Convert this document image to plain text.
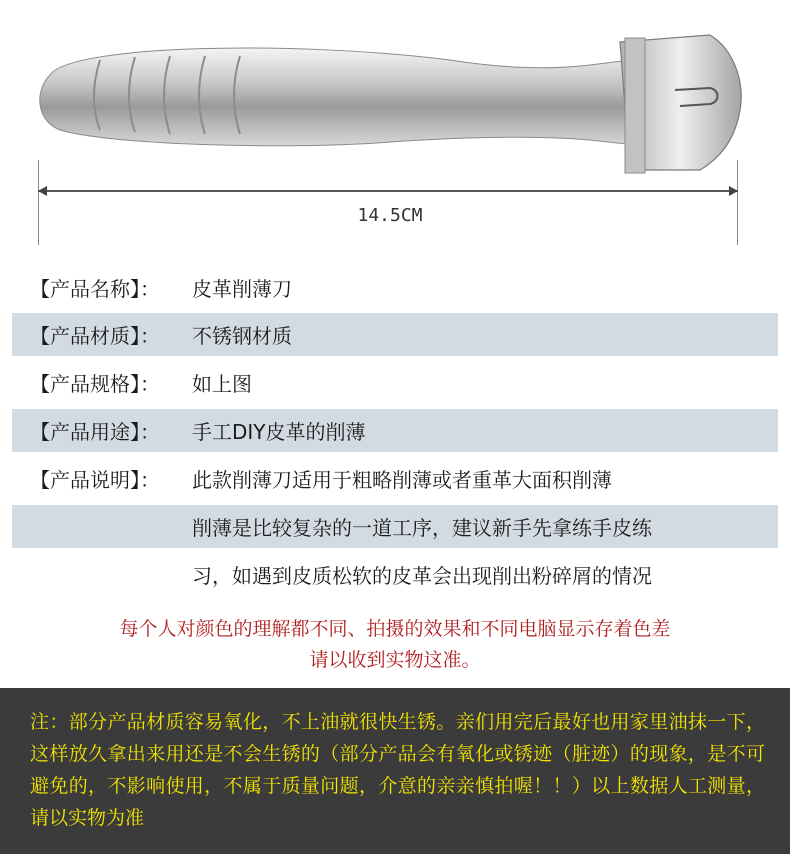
14.5CM
【产品名称】： 皮革削薄刀
【产品材质】： 不锈钢材质
【产品规格】： 如上图
【产品用途】： 手工DIY皮革的削薄
【产品说明】： 此款削薄刀适用于粗略削薄或者重革大面积削薄
削薄是比较复杂的一道工序，建议新手先拿练手皮练
习，如遇到皮质松软的皮革会出现削出粉碎屑的情况
每个人对颜色的理解都不同、拍摄的效果和不同电脑显示存着色差
请以收到实物这准。
注：部分产品材质容易氧化，不上油就很快生锈。亲们用完后最好也用家里油抹一下，这样放久拿出来用还是不会生锈的（部分产品会有氧化或锈迹（脏迹）的现象，是不可避免的，不影响使用，不属于质量问题，介意的亲亲慎拍喔！！）以上数据人工测量，请以实物为准
